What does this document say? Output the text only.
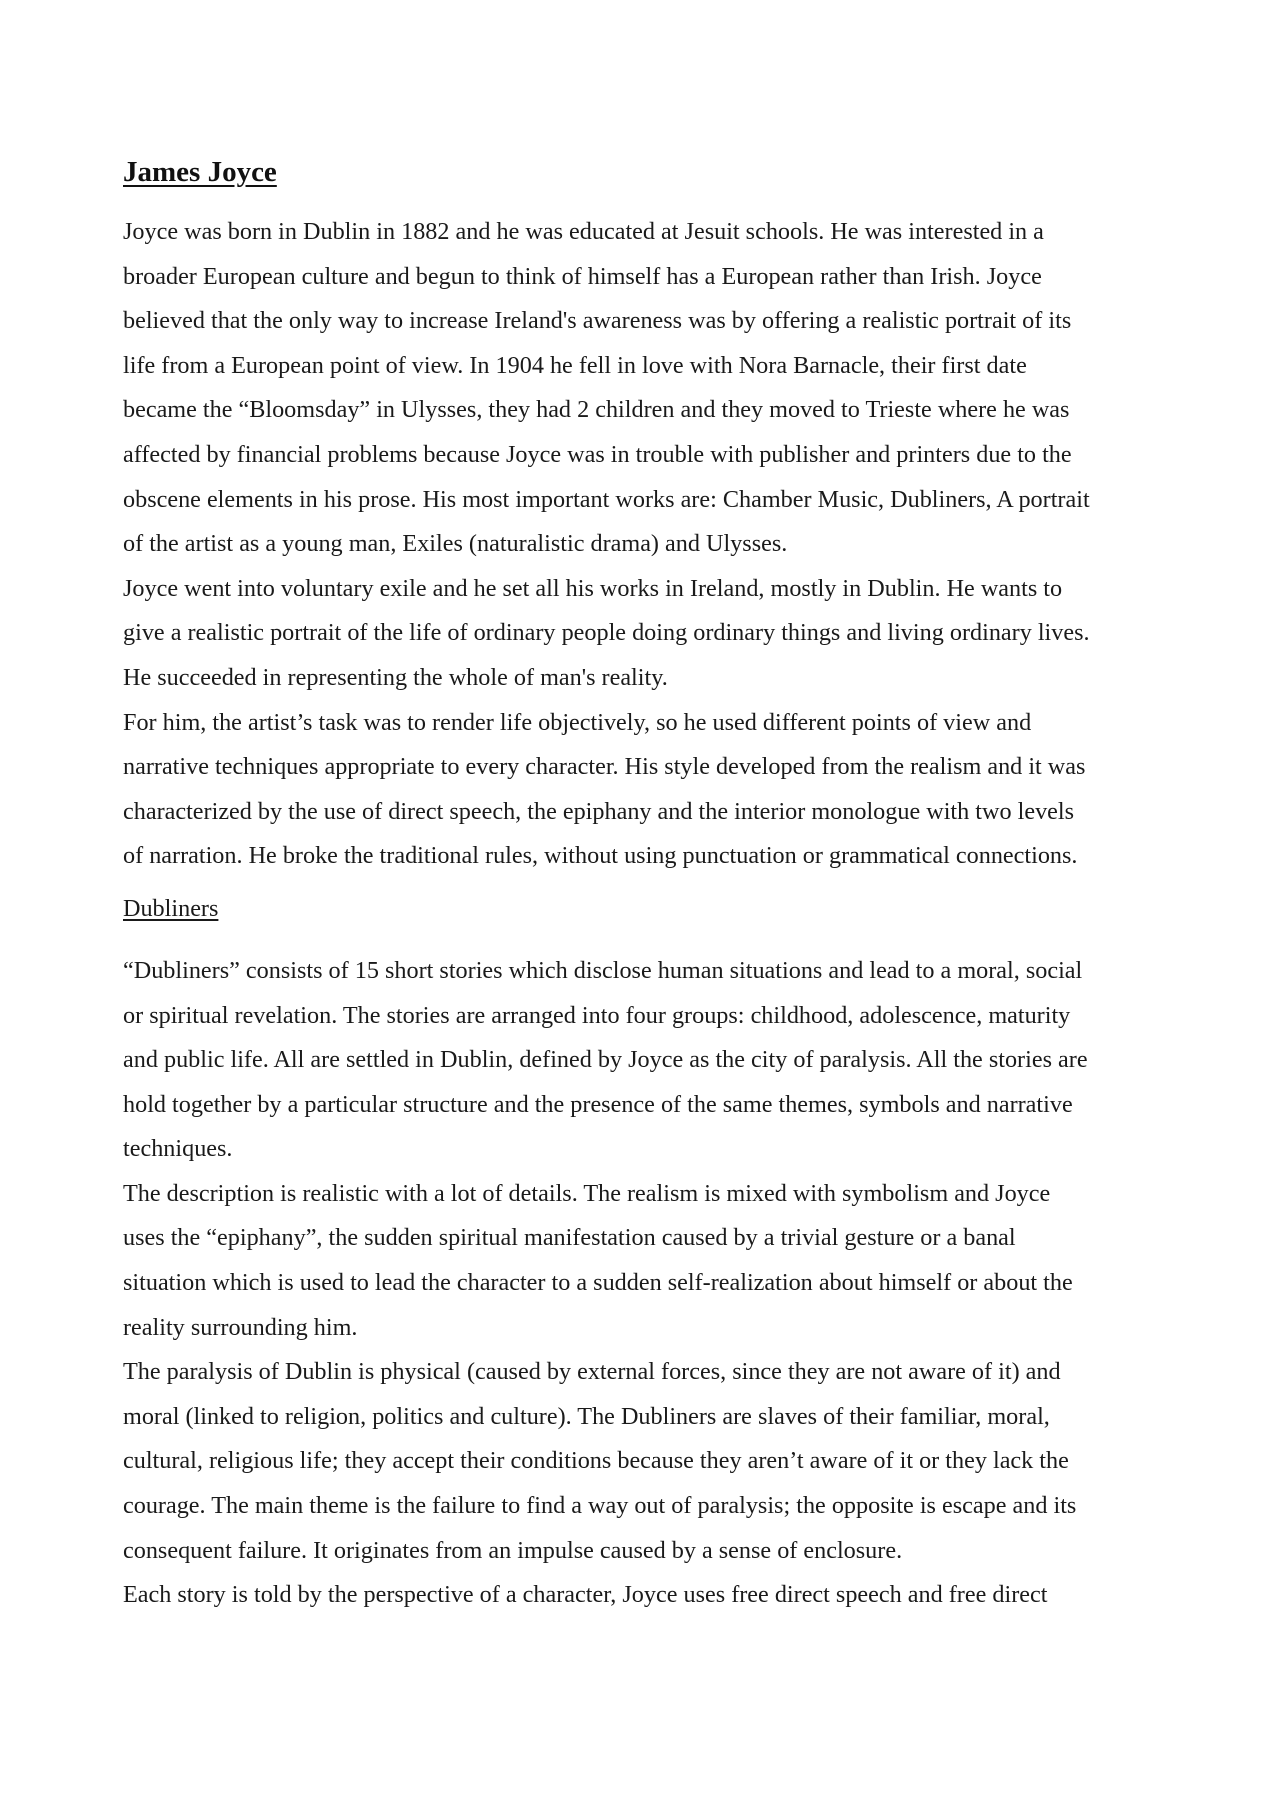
James Joyce

Joyce was born in Dublin in 1882 and he was educated at Jesuit schools. He was interested in a
broader European culture and begun to think of himself has a European rather than Irish. Joyce
believed that the only way to increase Ireland's awareness was by offering a realistic portrait of its
life from a European point of view. In 1904 he fell in love with Nora Barnacle, their first date
became the “Bloomsday” in Ulysses, they had 2 children and they moved to Trieste where he was
affected by financial problems because Joyce was in trouble with publisher and printers due to the
obscene elements in his prose. His most important works are: Chamber Music, Dubliners, A portrait
of the artist as a young man, Exiles (naturalistic drama) and Ulysses.

Joyce went into voluntary exile and he set all his works in Ireland, mostly in Dublin. He wants to
give a realistic portrait of the life of ordinary people doing ordinary things and living ordinary lives.
He succeeded in representing the whole of man's reality.

For him, the artist’s task was to render life objectively, so he used different points of view and
narrative techniques appropriate to every character. His style developed from the realism and it was
characterized by the use of direct speech, the epiphany and the interior monologue with two levels
of narration. He broke the traditional rules, without using punctuation or grammatical connections.

Dubliners

“Dubliners” consists of 15 short stories which disclose human situations and lead to a moral, social
or spiritual revelation. The stories are arranged into four groups: childhood, adolescence, maturity
and public life. All are settled in Dublin, defined by Joyce as the city of paralysis. All the stories are
hold together by a particular structure and the presence of the same themes, symbols and narrative
techniques.

The description is realistic with a lot of details. The realism is mixed with symbolism and Joyce
uses the “epiphany”, the sudden spiritual manifestation caused by a trivial gesture or a banal
situation which is used to lead the character to a sudden self-realization about himself or about the
reality surrounding him.

The paralysis of Dublin is physical (caused by external forces, since they are not aware of it) and
moral (linked to religion, politics and culture). The Dubliners are slaves of their familiar, moral,
cultural, religious life; they accept their conditions because they aren’t aware of it or they lack the
courage. The main theme is the failure to find a way out of paralysis; the opposite is escape and its
consequent failure. It originates from an impulse caused by a sense of enclosure.

Each story is told by the perspective of a character, Joyce uses free direct speech and free direct
